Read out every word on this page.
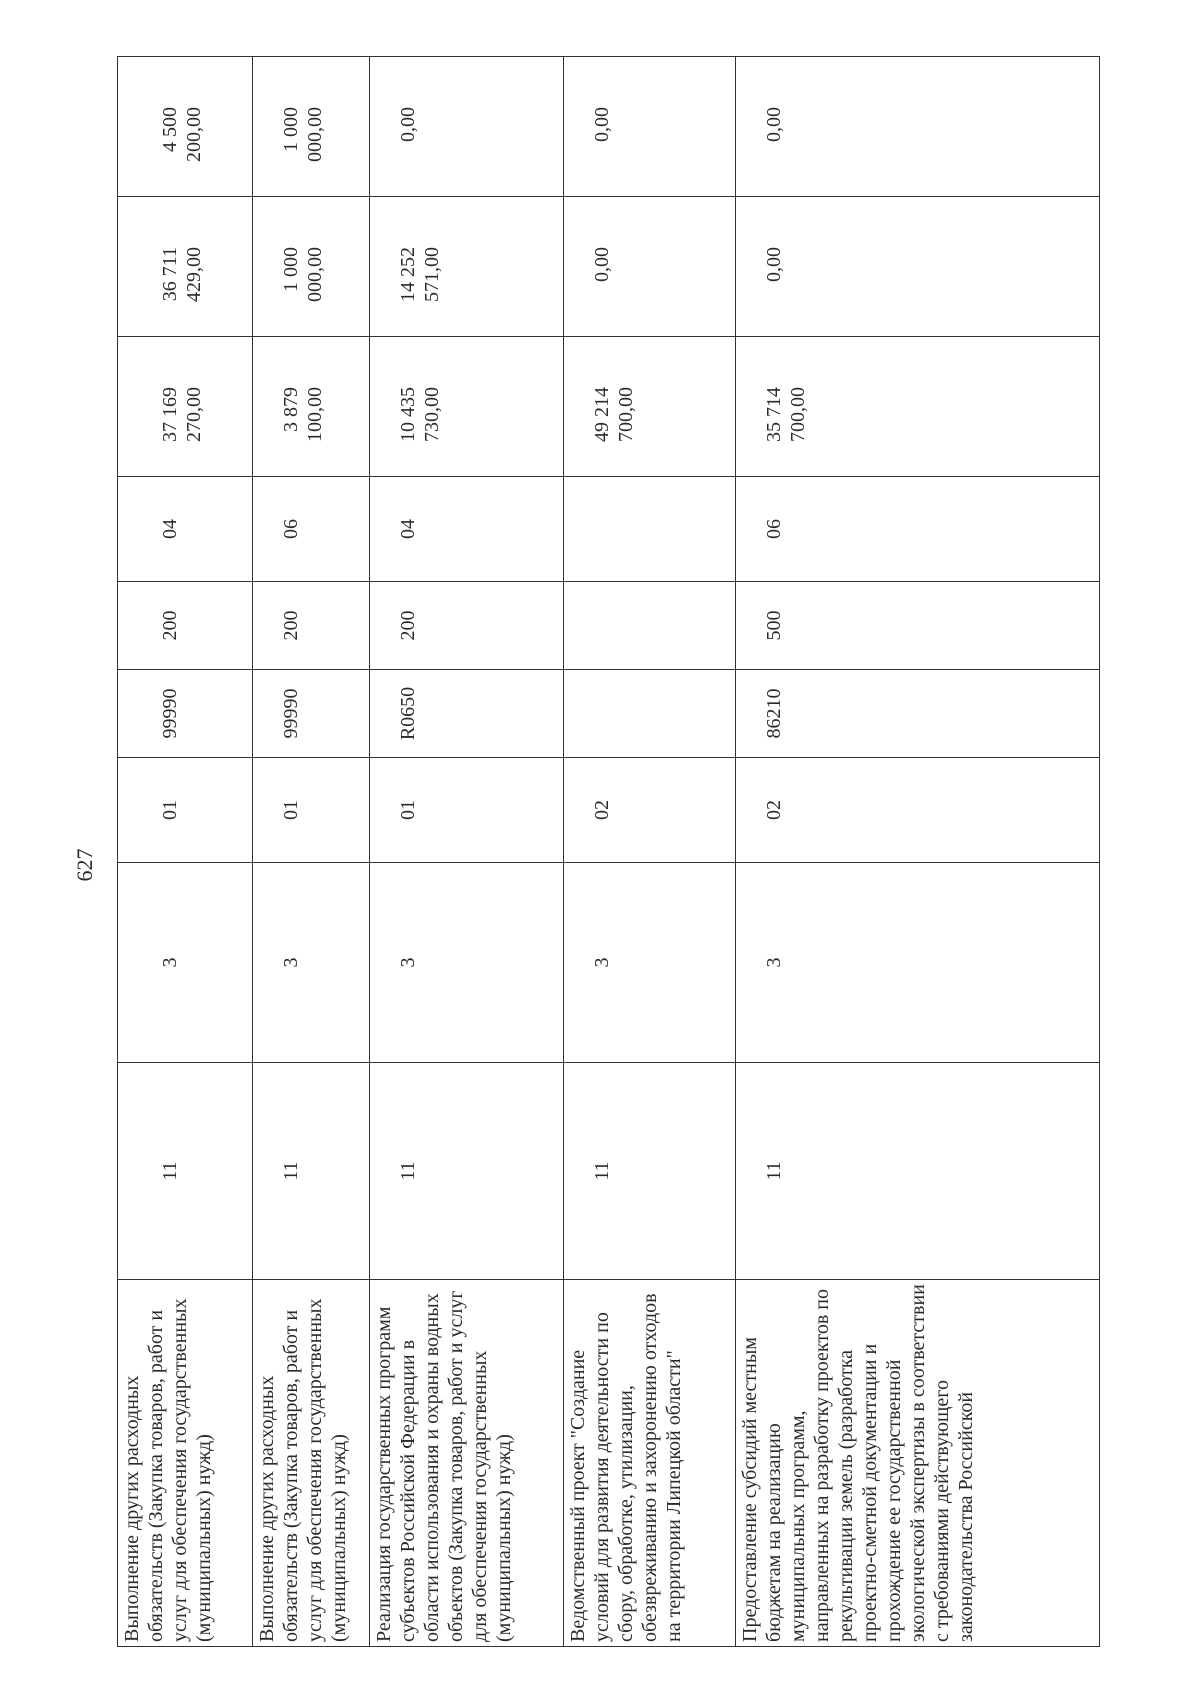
627
Выполнение других расходных обязательств (Закупка товаров, работ и услуг для обеспечения государственных (муниципальных) нужд)	11	3	01	99990	200	04	37 169 270,00	36 711 429,00	4 500 200,00
Выполнение других расходных обязательств (Закупка товаров, работ и услуг для обеспечения государственных (муниципальных) нужд)	11	3	01	99990	200	06	3 879 100,00	1 000 000,00	1 000 000,00
Реализация государственных программ субъектов Российской Федерации в области использования и охраны водных объектов (Закупка товаров, работ и услуг для обеспечения государственных (муниципальных) нужд)	11	3	01	R0650	200	04	10 435 730,00	14 252 571,00	0,00
Ведомственный проект "Создание условий для развития деятельности по сбору, обработке, утилизации, обезвреживанию и захоронению отходов на территории Липецкой области"	11	3	02				49 214 700,00	0,00	0,00
Предоставление субсидий местным бюджетам на реализацию муниципальных программ, направленных на разработку проектов по рекультивации земель (разработка проектно-сметной документации и прохождение ее государственной экологической экспертизы в соответствии с требованиями действующего законодательства Российской	11	3	02	86210	500	06	35 714 700,00	0,00	0,00
